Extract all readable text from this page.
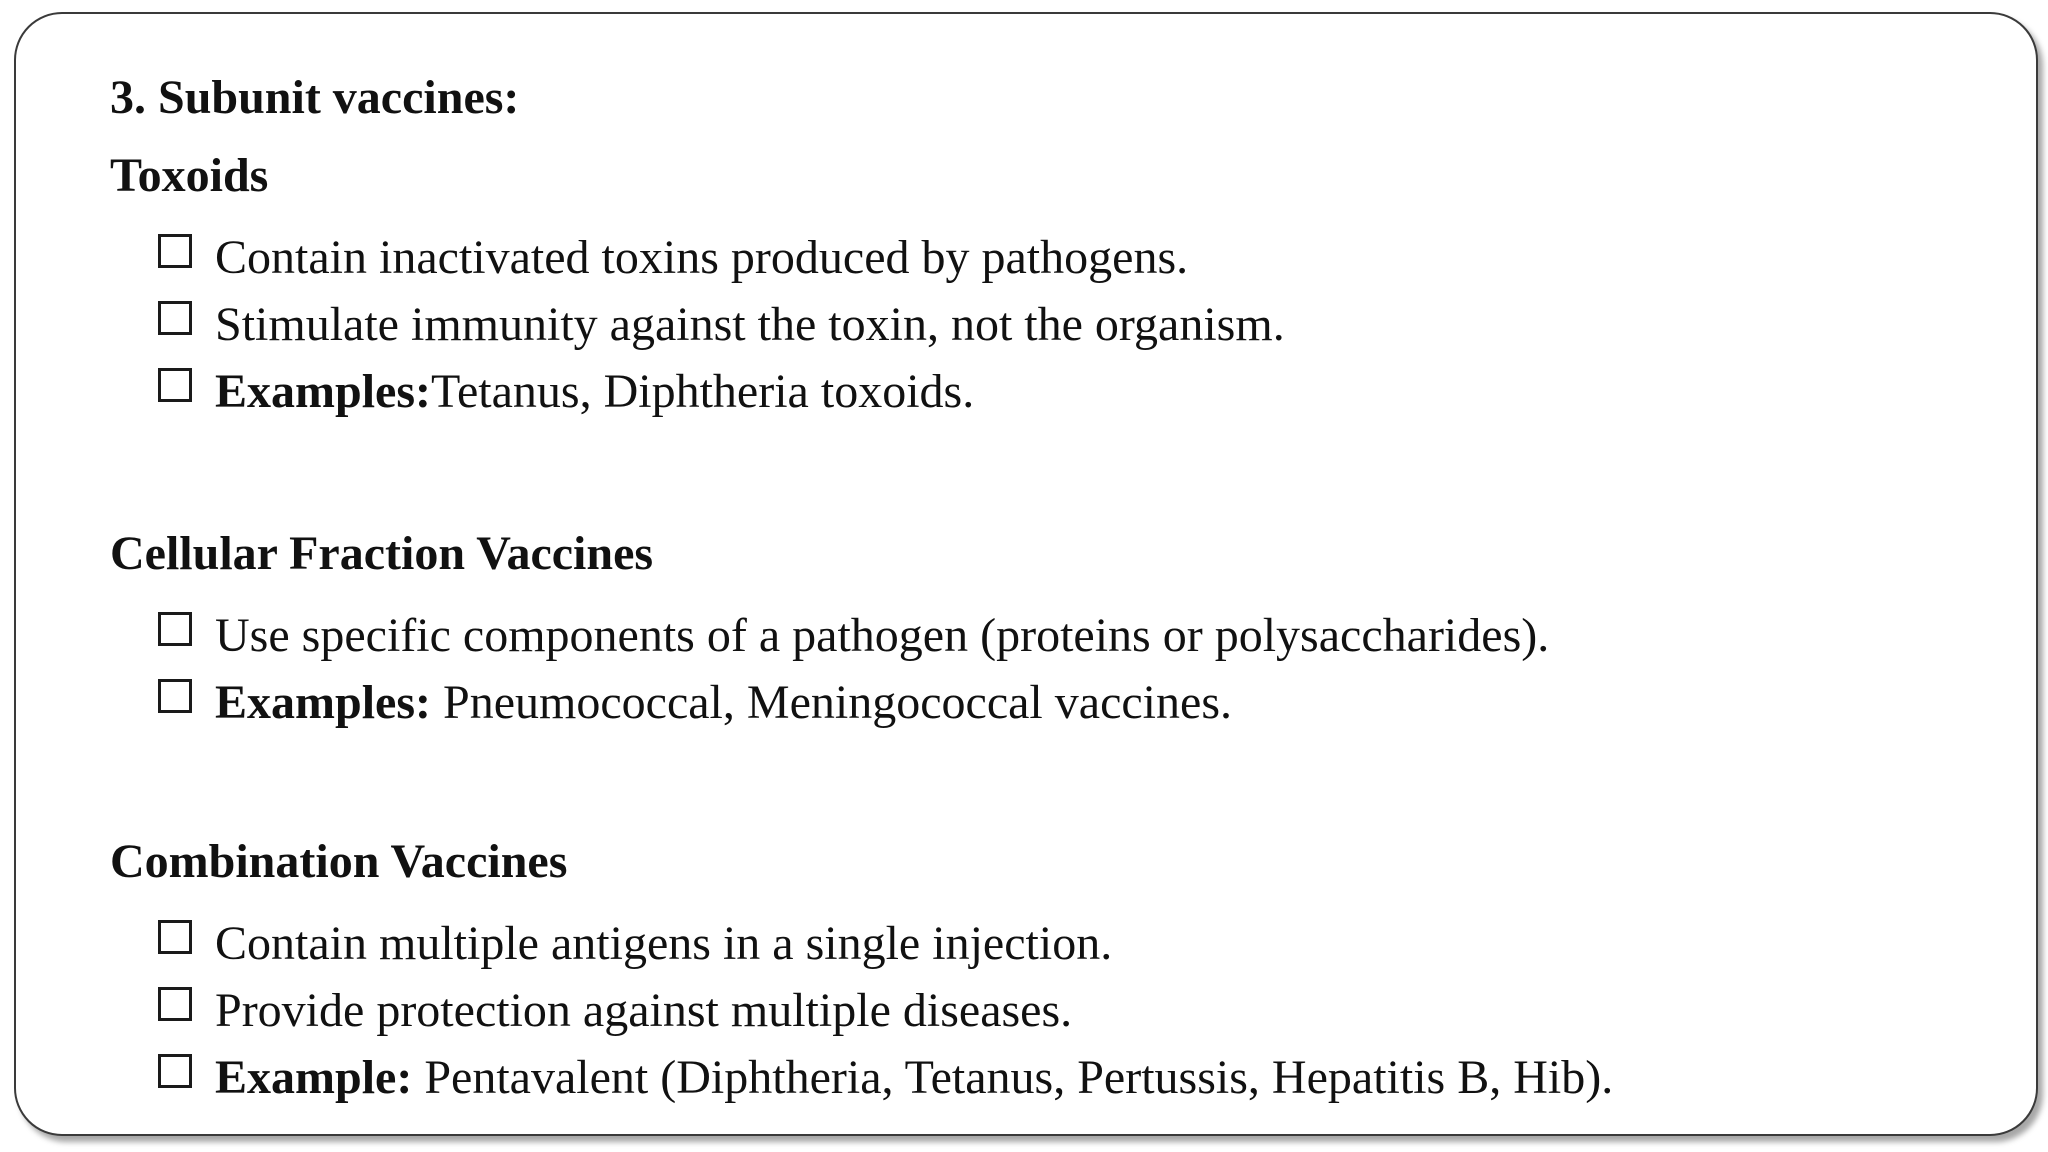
3. Subunit vaccines:
Toxoids
Contain inactivated toxins produced by pathogens.
Stimulate immunity against the toxin, not the organism.
Examples: Tetanus, Diphtheria toxoids.
Cellular Fraction Vaccines
Use specific components of a pathogen (proteins or polysaccharides).
Examples: Pneumococcal, Meningococcal vaccines.
Combination Vaccines
Contain multiple antigens in a single injection.
Provide protection against multiple diseases.
Example: Pentavalent (Diphtheria, Tetanus, Pertussis, Hepatitis B, Hib).
